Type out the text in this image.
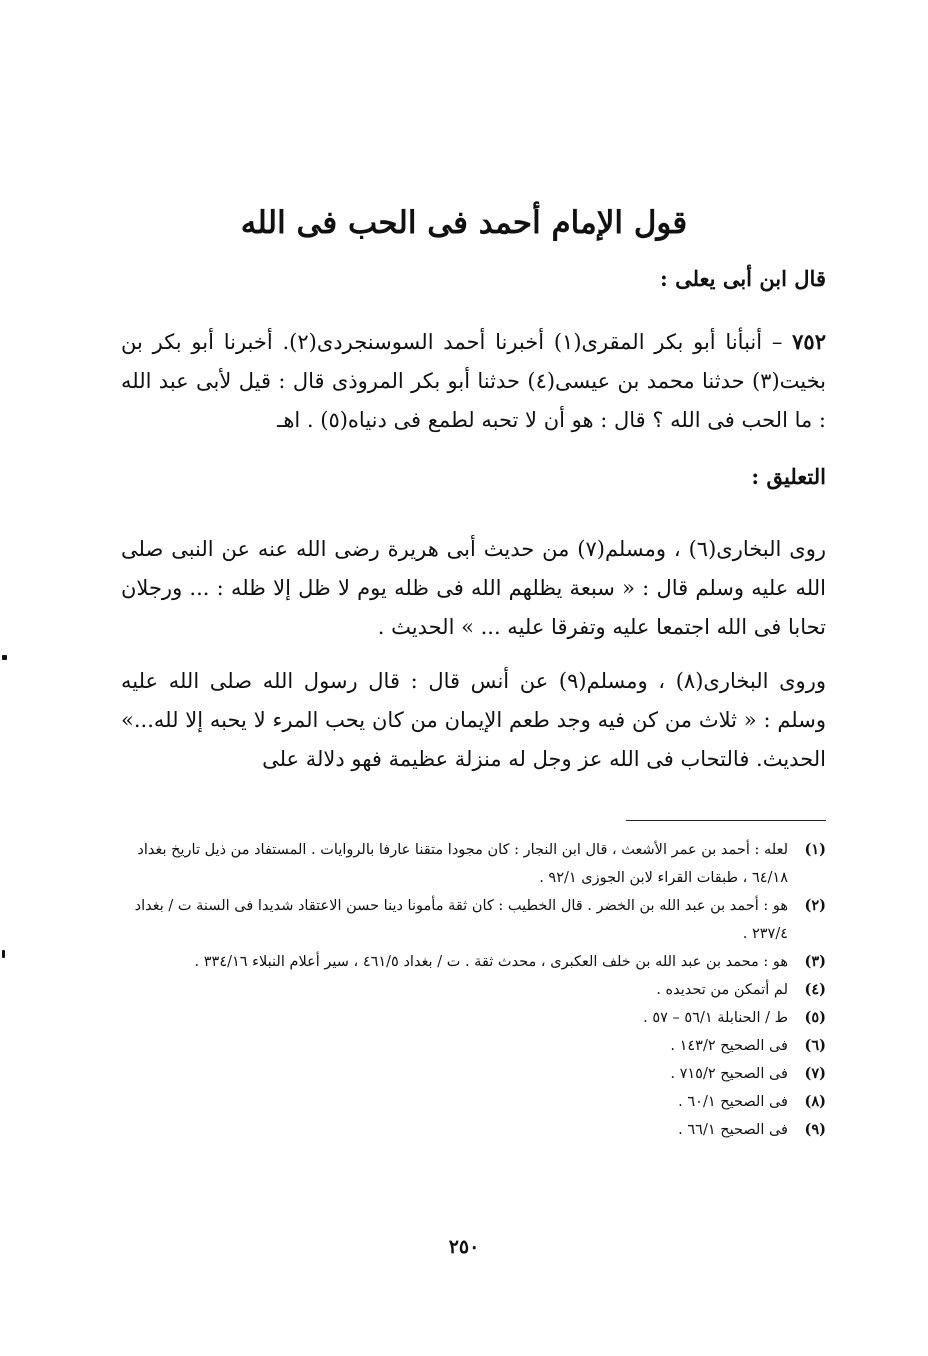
قول الإمام أحمد فى الحب فى الله
قال ابن أبى يعلى :
٧٥٢ – أنبأنا أبو بكر المقرى(١) أخبرنا أحمد السوسنجردى(٢). أخبرنا أبو بكر بن بخيت(٣) حدثنا محمد بن عيسى(٤) حدثنا أبو بكر المروذى قال : قيل لأبى عبد الله : ما الحب فى الله ؟ قال : هو أن لا تحبه لطمع فى دنياه(٥) . اهـ
التعليق :
روى البخارى(٦) ، ومسلم(٧) من حديث أبى هريرة رضى الله عنه عن النبى صلى الله عليه وسلم قال : « سبعة يظلهم الله فى ظله يوم لا ظل إلا ظله : ... ورجلان تحابا فى الله اجتمعا عليه وتفرقا عليه ... » الحديث .
وروى البخارى(٨) ، ومسلم(٩) عن أنس قال : قال رسول الله صلى الله عليه وسلم : « ثلاث من كن فيه وجد طعم الإيمان من كان يحب المرء لا يحبه إلا لله...» الحديث. فالتحاب فى الله عز وجل له منزلة عظيمة فهو دلالة على
(١)
لعله : أحمد بن عمر الأشعث ، قال ابن النجار : كان مجودا متقنا عارفا بالروايات . المستفاد من ذيل تاريخ بغداد ٦٤/١٨ ، طبقات القراء لابن الجوزى ٩٢/١ .
(٢)
هو : أحمد بن عبد الله بن الخضر . قال الخطيب : كان ثقة مأمونا دينا حسن الاعتقاد شديدا فى السنة ت / بغداد ٢٣٧/٤ .
(٣)
هو : محمد بن عبد الله بن خلف العكبرى ، محدث ثقة . ت / بغداد ٤٦١/٥ ، سير أعلام النبلاء ٣٣٤/١٦ .
(٤)
لم أتمكن من تحديده .
(٥)
ط / الحنابلة ٥٦/١ – ٥٧ .
(٦)
فى الصحيح ١٤٣/٢ .
(٧)
فى الصحيح ٧١٥/٢ .
(٨)
فى الصحيح ٦٠/١ .
(٩)
فى الصحيح ٦٦/١ .
٢٥٠
